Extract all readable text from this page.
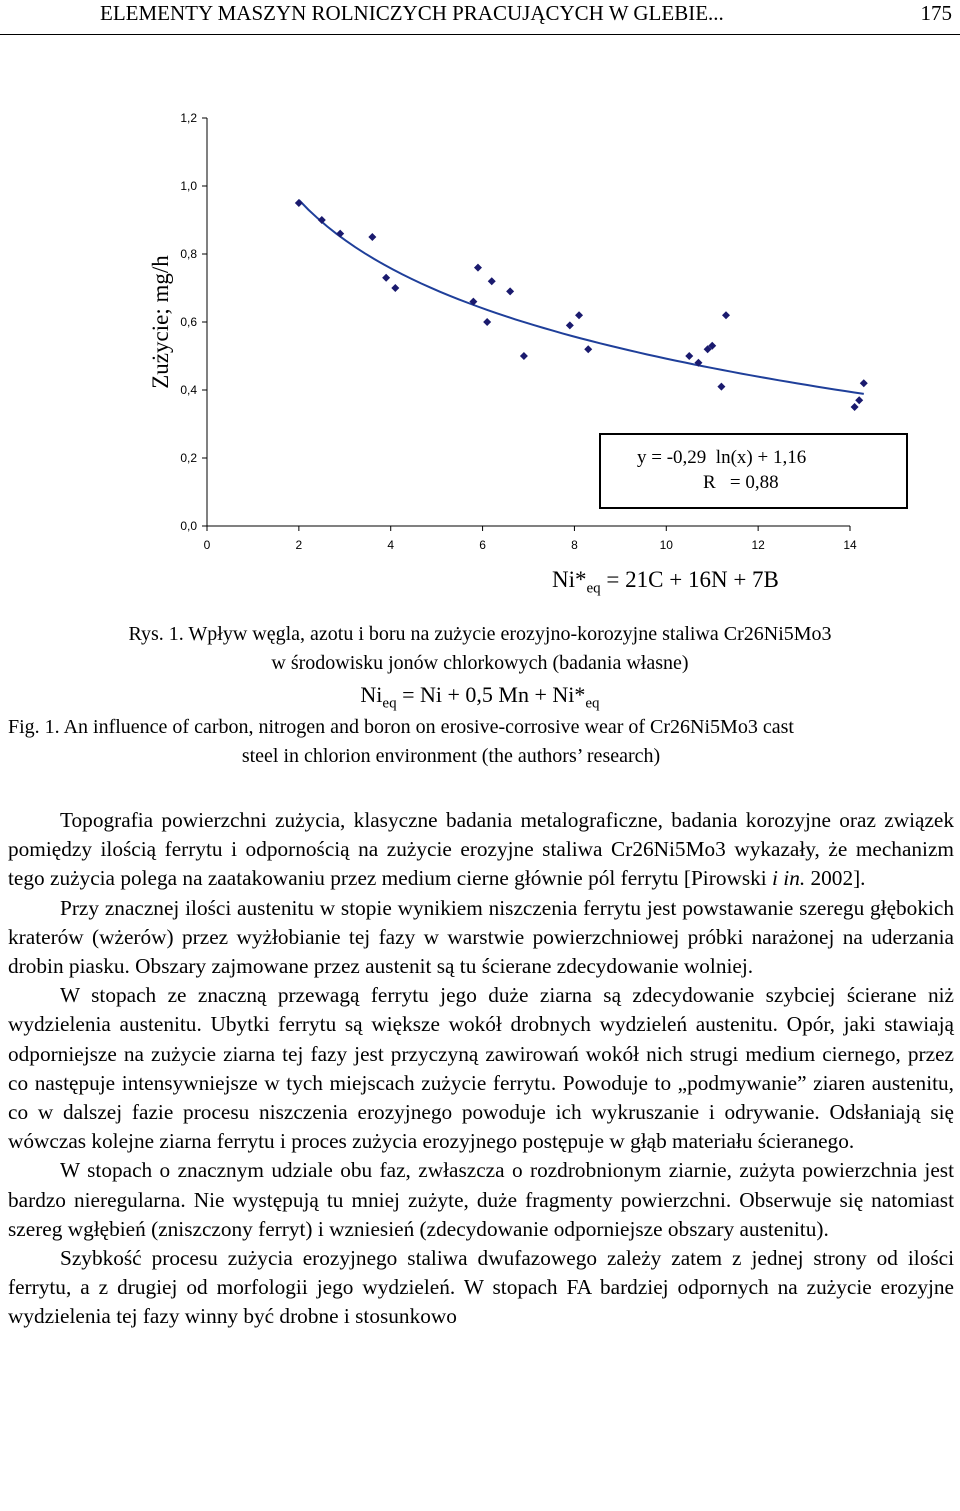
ELEMENTY MASZYN ROLNICZYCH PRACUJĄCYCH W GLEBIE...	175
0,0
0,2
0,4
0,6
0,8
1,0
1,2
0	2	4	6	8	10	12	14
Zużycie; mg/h
y = -0,29  ln(x) + 1,16
R   = 0,88
$Ni*_{eq} = 21C + 16N + 7B$
Rys. 1. Wpływ węgla, azotu i boru na zużycie erozyjno-korozyjne staliwa Cr26Ni5Mo3
w środowisku jonów chlorkowych (badania własne)
$Ni_{eq} = Ni + 0,5$ $Mn + Ni*_{eq}$
Fig. 1. An influence of carbon, nitrogen and boron on erosive-corrosive wear of Cr26Ni5Mo3 cast
steel in chlorion environment (the authors’ research)

Topografia powierzchni zużycia, klasyczne badania metalograficzne, badania korozyjne oraz związek pomiędzy ilością ferrytu i odpornością na zużycie erozyjne staliwa Cr26Ni5Mo3 wykazały, że mechanizm tego zużycia polega na zaatakowaniu przez medium cierne głównie pól ferrytu [Pirowski i in. 2002].

Przy znacznej ilości austenitu w stopie wynikiem niszczenia ferrytu jest powstawanie szeregu głębokich kraterów (wżerów) przez wyżłobianie tej fazy w warstwie powierzchniowej próbki narażonej na uderzania drobin piasku. Obszary zajmowane przez austenit są tu ścierane zdecydowanie wolniej.

W stopach ze znaczną przewagą ferrytu jego duże ziarna są zdecydowanie szybciej ścierane niż wydzielenia austenitu. Ubytki ferrytu są większe wokół drobnych wydzieleń austenitu. Opór, jaki stawiają odporniejsze na zużycie ziarna tej fazy jest przyczyną zawirowań wokół nich strugi medium ciernego, przez co następuje intensywniejsze w tych miejscach zużycie ferrytu. Powoduje to „podmywanie” ziaren austenitu, co w dalszej fazie procesu niszczenia erozyjnego powoduje ich wykruszanie i odrywanie. Odsłaniają się wówczas kolejne ziarna ferrytu i proces zużycia erozyjnego postępuje w głąb materiału ścieranego.

W stopach o znacznym udziale obu faz, zwłaszcza o rozdrobnionym ziarnie, zużyta powierzchnia jest bardzo nieregularna. Nie występują tu mniej zużyte, duże fragmenty powierzchni. Obserwuje się natomiast szereg wgłębień (zniszczony ferryt) i wzniesień (zdecydowanie odporniejsze obszary austenitu).

Szybkość procesu zużycia erozyjnego staliwa dwufazowego zależy zatem z jednej strony od ilości ferrytu, a z drugiej od morfologii jego wydzieleń. W stopach FA bardziej odpornych na zużycie erozyjne wydzielenia tej fazy winny być drobne i stosunkowo
